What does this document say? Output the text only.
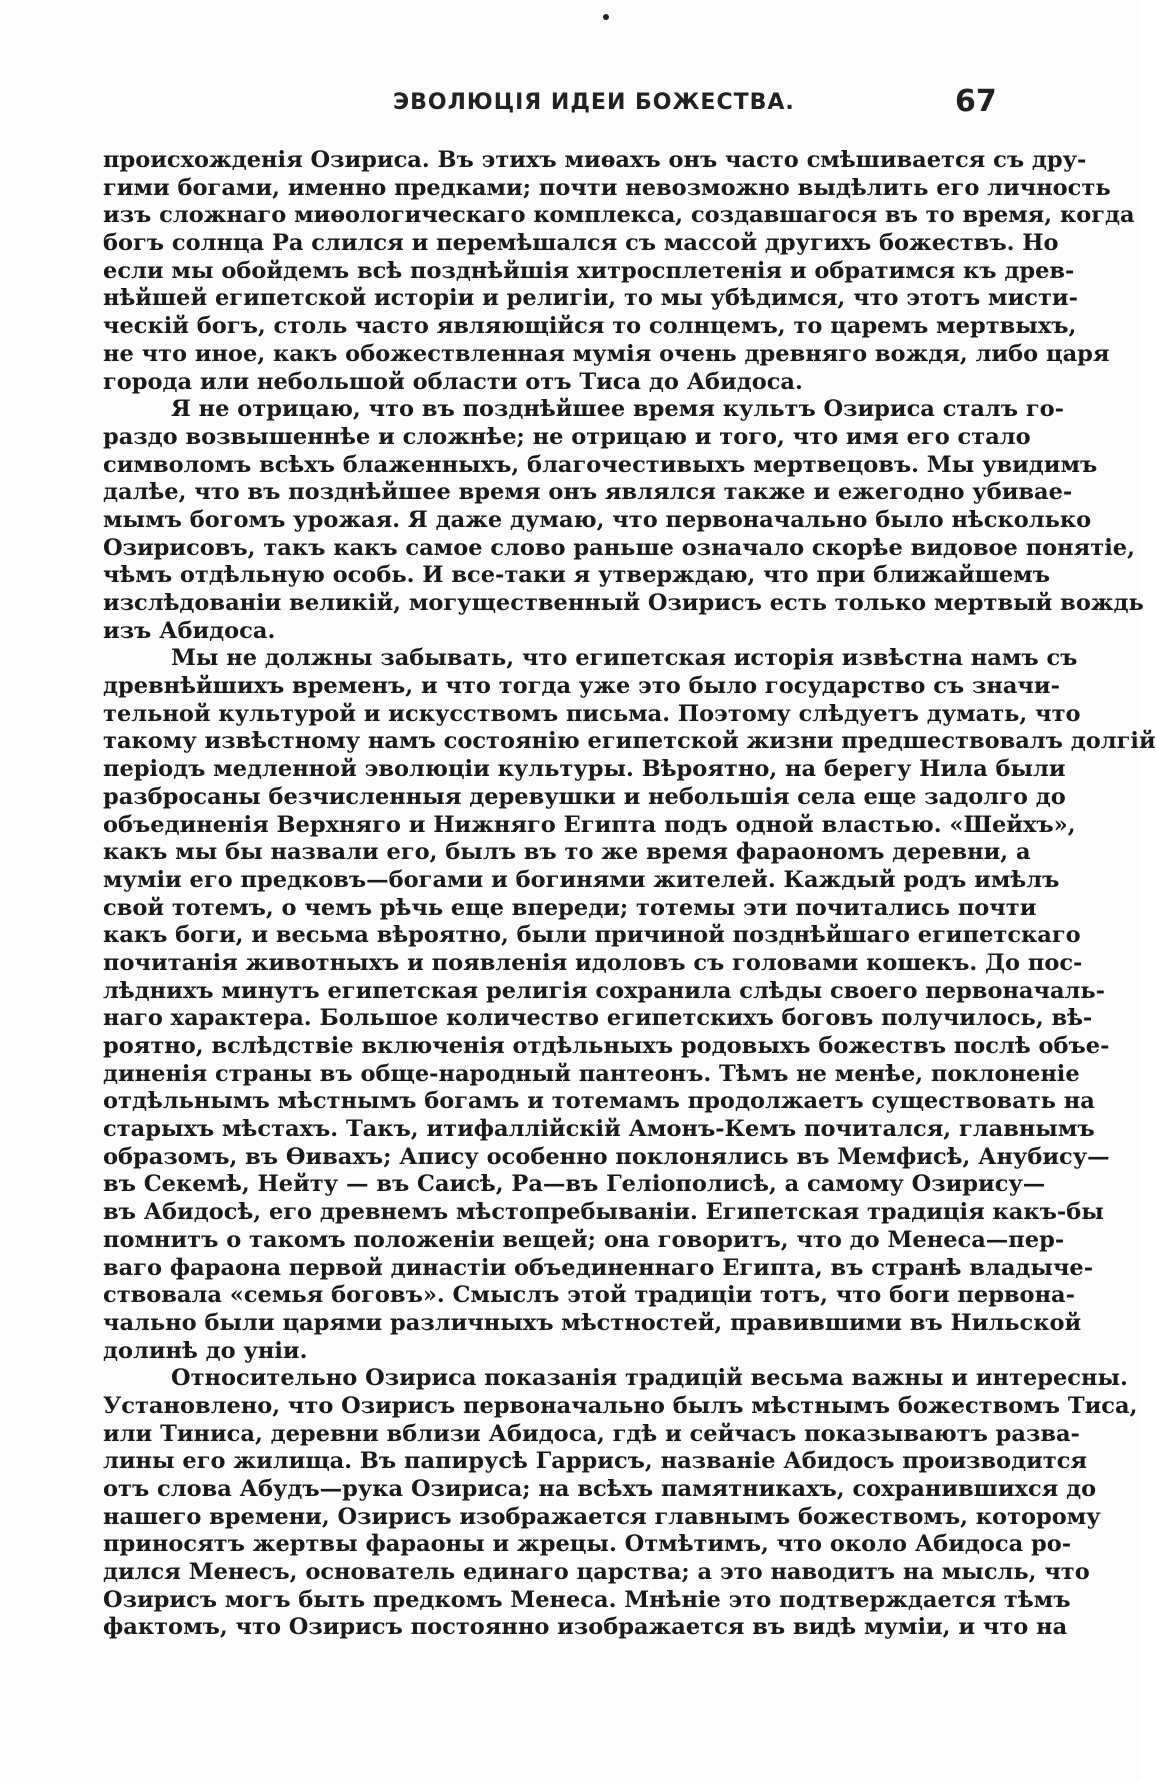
ЭВОЛЮЦІЯ ИДЕИ БОЖЕСТВА.	67
происхожденія Озириса. Въ этихъ миѳахъ онъ часто смѣшивается съ дру-
гими богами, именно предками; почти невозможно выдѣлить его личность
изъ сложнаго миѳологическаго комплекса, создавшагося въ то время, когда
богъ солнца Ра слился и перемѣшался съ массой другихъ божествъ. Но
если мы обойдемъ всѣ позднѣйшія хитросплетенія и обратимся къ древ-
нѣйшей египетской исторіи и религіи, то мы убѣдимся, что этотъ мисти-
ческій богъ, столь часто являющійся то солнцемъ, то царемъ мертвыхъ,
не что иное, какъ обожествленная мумія очень древняго вождя, либо царя
города или небольшой области отъ Тиса до Абидоса.
Я не отрицаю, что въ позднѣйшее время культъ Озириса сталъ го-
раздо возвышеннѣе и сложнѣе; не отрицаю и того, что имя его стало
символомъ всѣхъ блаженныхъ, благочестивыхъ мертвецовъ. Мы увидимъ
далѣе, что въ позднѣйшее время онъ являлся также и ежегодно убивае-
мымъ богомъ урожая. Я даже думаю, что первоначально было нѣсколько
Озирисовъ, такъ какъ самое слово раньше означало скорѣе видовое понятіе,
чѣмъ отдѣльную особь. И все-таки я утверждаю, что при ближайшемъ
изслѣдованіи великій, могущественный Озирисъ есть только мертвый вождь
изъ Абидоса.
Мы не должны забывать, что египетская исторія извѣстна намъ съ
древнѣйшихъ временъ, и что тогда уже это было государство съ значи-
тельной культурой и искусствомъ письма. Поэтому слѣдуетъ думать, что
такому извѣстному намъ состоянію египетской жизни предшествовалъ долгій
періодъ медленной эволюціи культуры. Вѣроятно, на берегу Нила были
разбросаны безчисленныя деревушки и небольшія села еще задолго до
объединенія Верхняго и Нижняго Египта подъ одной властью. «Шейхъ»,
какъ мы бы назвали его, былъ въ то же время фараономъ деревни, а
муміи его предковъ—богами и богинями жителей. Каждый родъ имѣлъ
свой тотемъ, о чемъ рѣчь еще впереди; тотемы эти почитались почти
какъ боги, и весьма вѣроятно, были причиной позднѣйшаго египетскаго
почитанія животныхъ и появленія идоловъ съ головами кошекъ. До пос-
лѣднихъ минутъ египетская религія сохранила слѣды своего первоначаль-
наго характера. Большое количество египетскихъ боговъ получилось, вѣ-
роятно, вслѣдствіе включенія отдѣльныхъ родовыхъ божествъ послѣ объе-
диненія страны въ обще-народный пантеонъ. Тѣмъ не менѣе, поклоненіе
отдѣльнымъ мѣстнымъ богамъ и тотемамъ продолжаетъ существовать на
старыхъ мѣстахъ. Такъ, итифаллійскій Амонъ-Кемъ почитался, главнымъ
образомъ, въ Ѳивахъ; Апису особенно поклонялись въ Мемфисѣ, Анубису—
въ Секемѣ, Нейту — въ Саисѣ, Ра—въ Геліополисѣ, а самому Озирису—
въ Абидосѣ, его древнемъ мѣстопребываніи. Египетская традиція какъ-бы
помнитъ о такомъ положеніи вещей; она говоритъ, что до Менеса—пер-
ваго фараона первой династіи объединеннаго Египта, въ странѣ владыче-
ствовала «семья боговъ». Смыслъ этой традиціи тотъ, что боги первона-
чально были царями различныхъ мѣстностей, правившими въ Нильской
долинѣ до уніи.
Относительно Озириса показанія традицій весьма важны и интересны.
Установлено, что Озирисъ первоначально былъ мѣстнымъ божествомъ Тиса,
или Тиниса, деревни вблизи Абидоса, гдѣ и сейчасъ показываютъ развa-
лины его жилища. Въ папирусѣ Гаррисъ, названіе Абидосъ производится
отъ слова Абудъ—рука Озириса; на всѣхъ памятникахъ, сохранившихся до
нашего времени, Озирисъ изображается главнымъ божествомъ, которому
приносятъ жертвы фараоны и жрецы. Отмѣтимъ, что около Абидоса ро-
дился Менесъ, основатель единаго царства; а это наводитъ на мысль, что
Озирисъ могъ быть предкомъ Менеса. Мнѣніе это подтверждается тѣмъ
фактомъ, что Озирисъ постоянно изображается въ видѣ муміи, и что на
